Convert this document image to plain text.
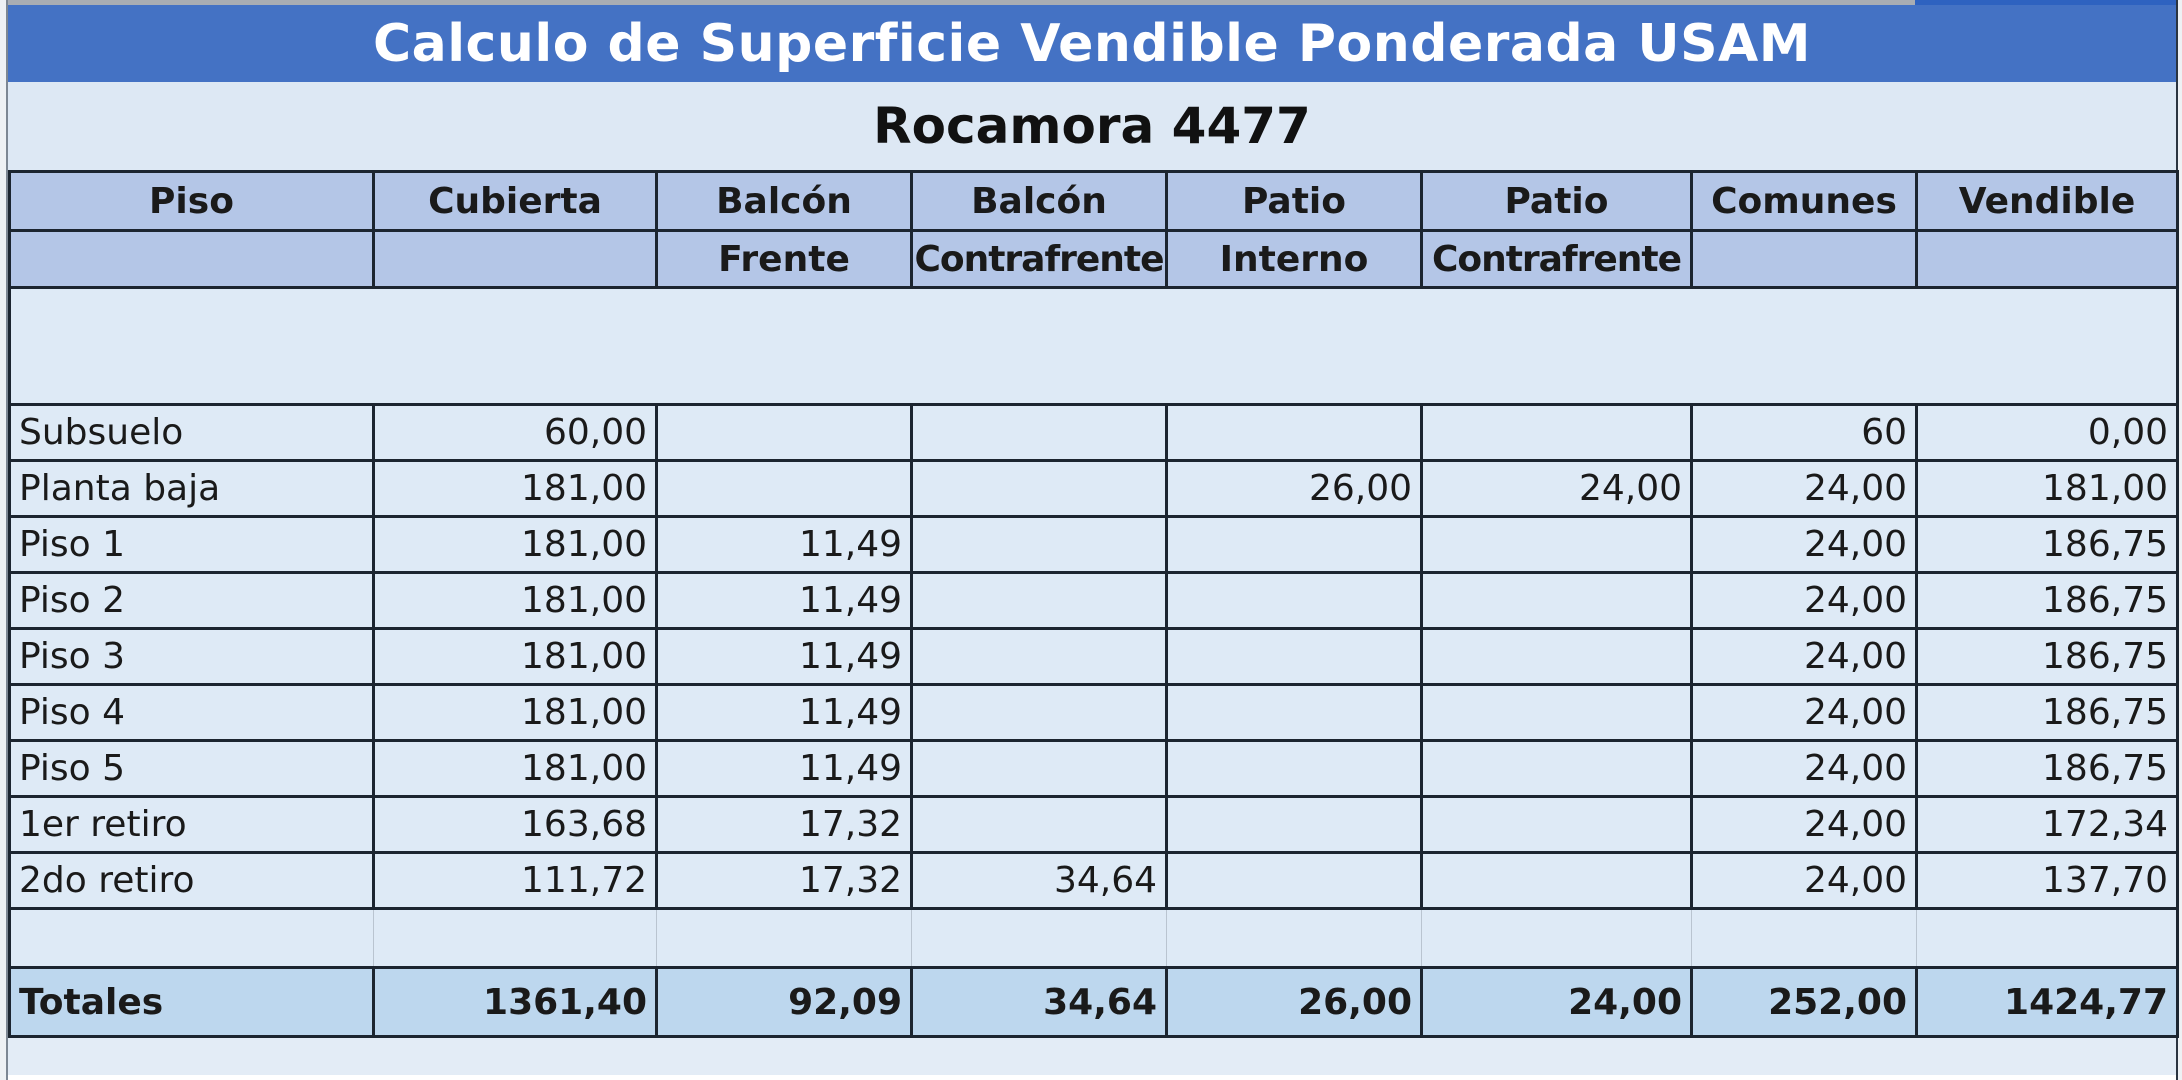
Calculo de Superficie Vendible Ponderada USAM
Rocamora 4477
Piso	Cubierta	Balcón	Balcón	Patio	Patio	Comunes	Vendible
		Frente	Contrafrente	Interno	Contrafrente		

Subsuelo	60,00					60	0,00
Planta baja	181,00			26,00	24,00	24,00	181,00
Piso 1	181,00	11,49				24,00	186,75
Piso 2	181,00	11,49				24,00	186,75
Piso 3	181,00	11,49				24,00	186,75
Piso 4	181,00	11,49				24,00	186,75
Piso 5	181,00	11,49				24,00	186,75
1er retiro	163,68	17,32				24,00	172,34
2do retiro	111,72	17,32	34,64			24,00	137,70

Totales	1361,40	92,09	34,64	26,00	24,00	252,00	1424,77
